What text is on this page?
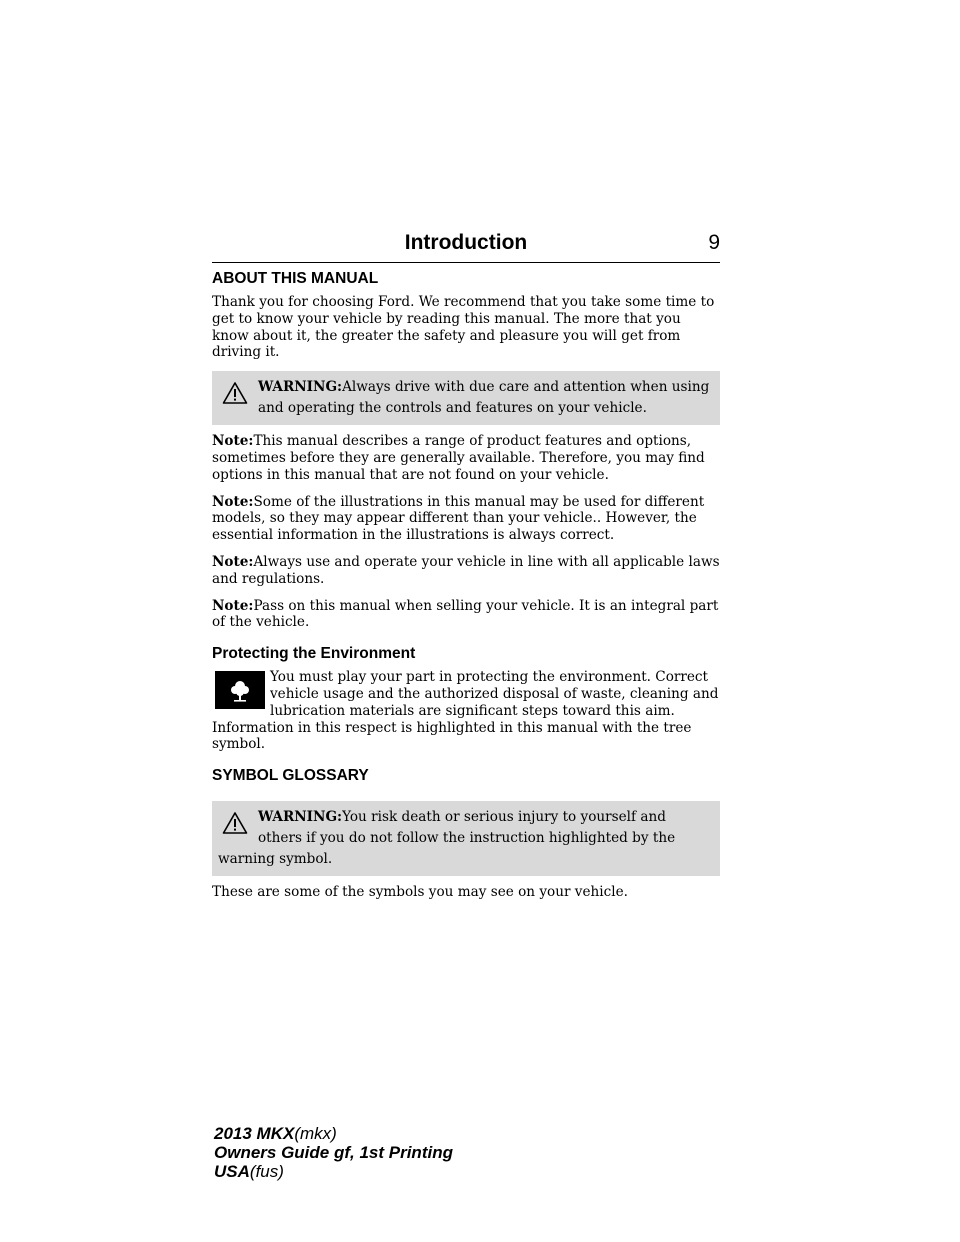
Introduction	9
ABOUT THIS MANUAL

Thank you for choosing Ford. We recommend that you take some time to get to know your vehicle by reading this manual. The more that you know about it, the greater the safety and pleasure you will get from driving it.

WARNING:Always drive with due care and attention when using and operating the controls and features on your vehicle.

Note:This manual describes a range of product features and options, sometimes before they are generally available. Therefore, you may find options in this manual that are not found on your vehicle.

Note:Some of the illustrations in this manual may be used for different models, so they may appear different than your vehicle.. However, the essential information in the illustrations is always correct.

Note:Always use and operate your vehicle in line with all applicable laws and regulations.

Note:Pass on this manual when selling your vehicle. It is an integral part of the vehicle.

Protecting the Environment

You must play your part in protecting the environment. Correct vehicle usage and the authorized disposal of waste, cleaning and lubrication materials are significant steps toward this aim.

Information in this respect is highlighted in this manual with the tree symbol.

SYMBOL GLOSSARY

WARNING:You risk death or serious injury to yourself and others if you do not follow the instruction highlighted by the

warning symbol.

These are some of the symbols you may see on your vehicle.

2013 MKX(mkx)
Owners Guide gf, 1st Printing
USA(fus)
